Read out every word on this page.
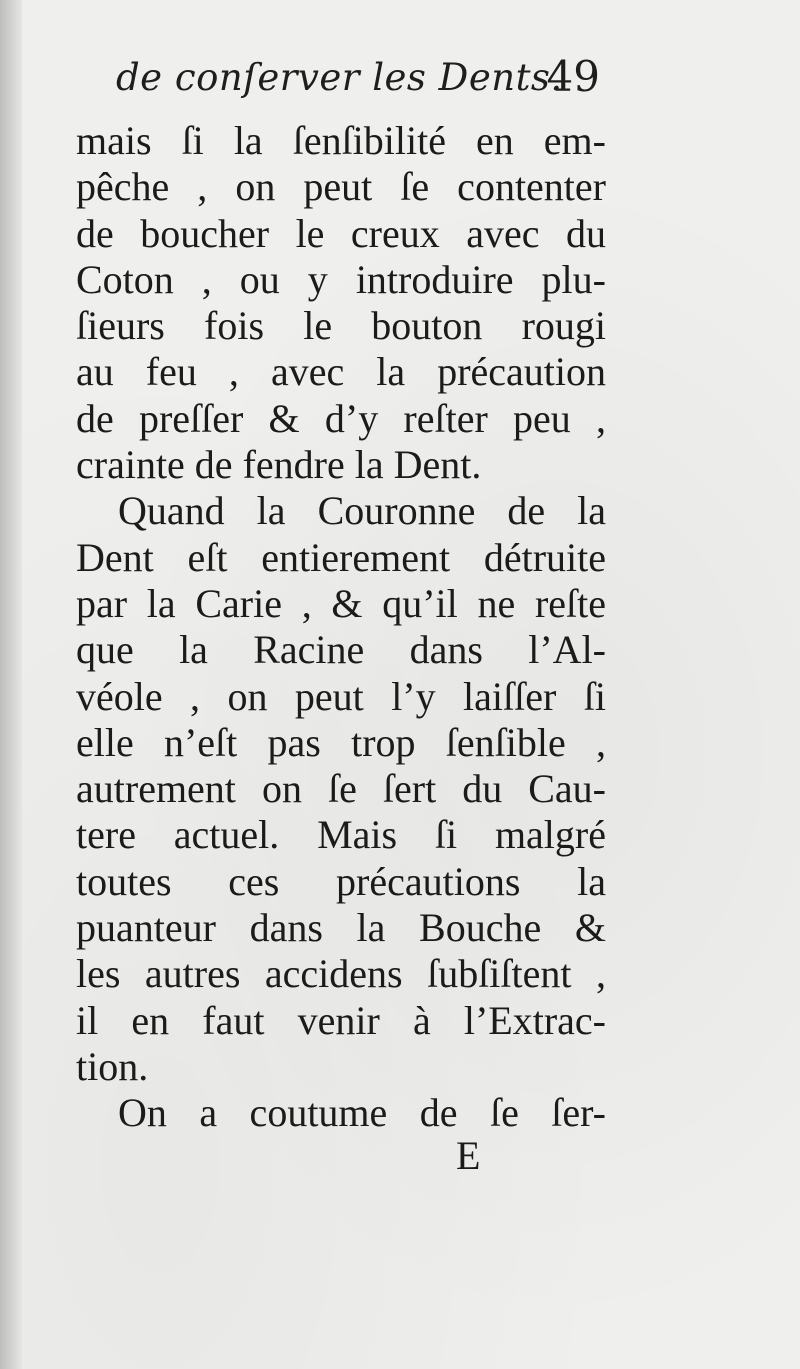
de conſerver les Dents.
49
mais ſi la ſenſibilité en em-
pêche , on peut ſe contenter
de boucher le creux avec du
Coton , ou y introduire plu-
ſieurs fois le bouton rougi
au feu , avec la précaution
de preſſer & d’y reſter peu ,
crainte de fendre la Dent.
Quand la Couronne de la
Dent eſt entierement détruite
par la Carie , & qu’il ne reſte
que la Racine dans l’Al-
véole , on peut l’y laiſſer ſi
elle n’eſt pas trop ſenſible ,
autrement on ſe ſert du Cau-
tere actuel. Mais ſi malgré
toutes ces précautions la
puanteur dans la Bouche &
les autres accidens ſubſiſtent ,
il en faut venir à l’Extrac-
tion.
On a coutume de ſe ſer-
E
